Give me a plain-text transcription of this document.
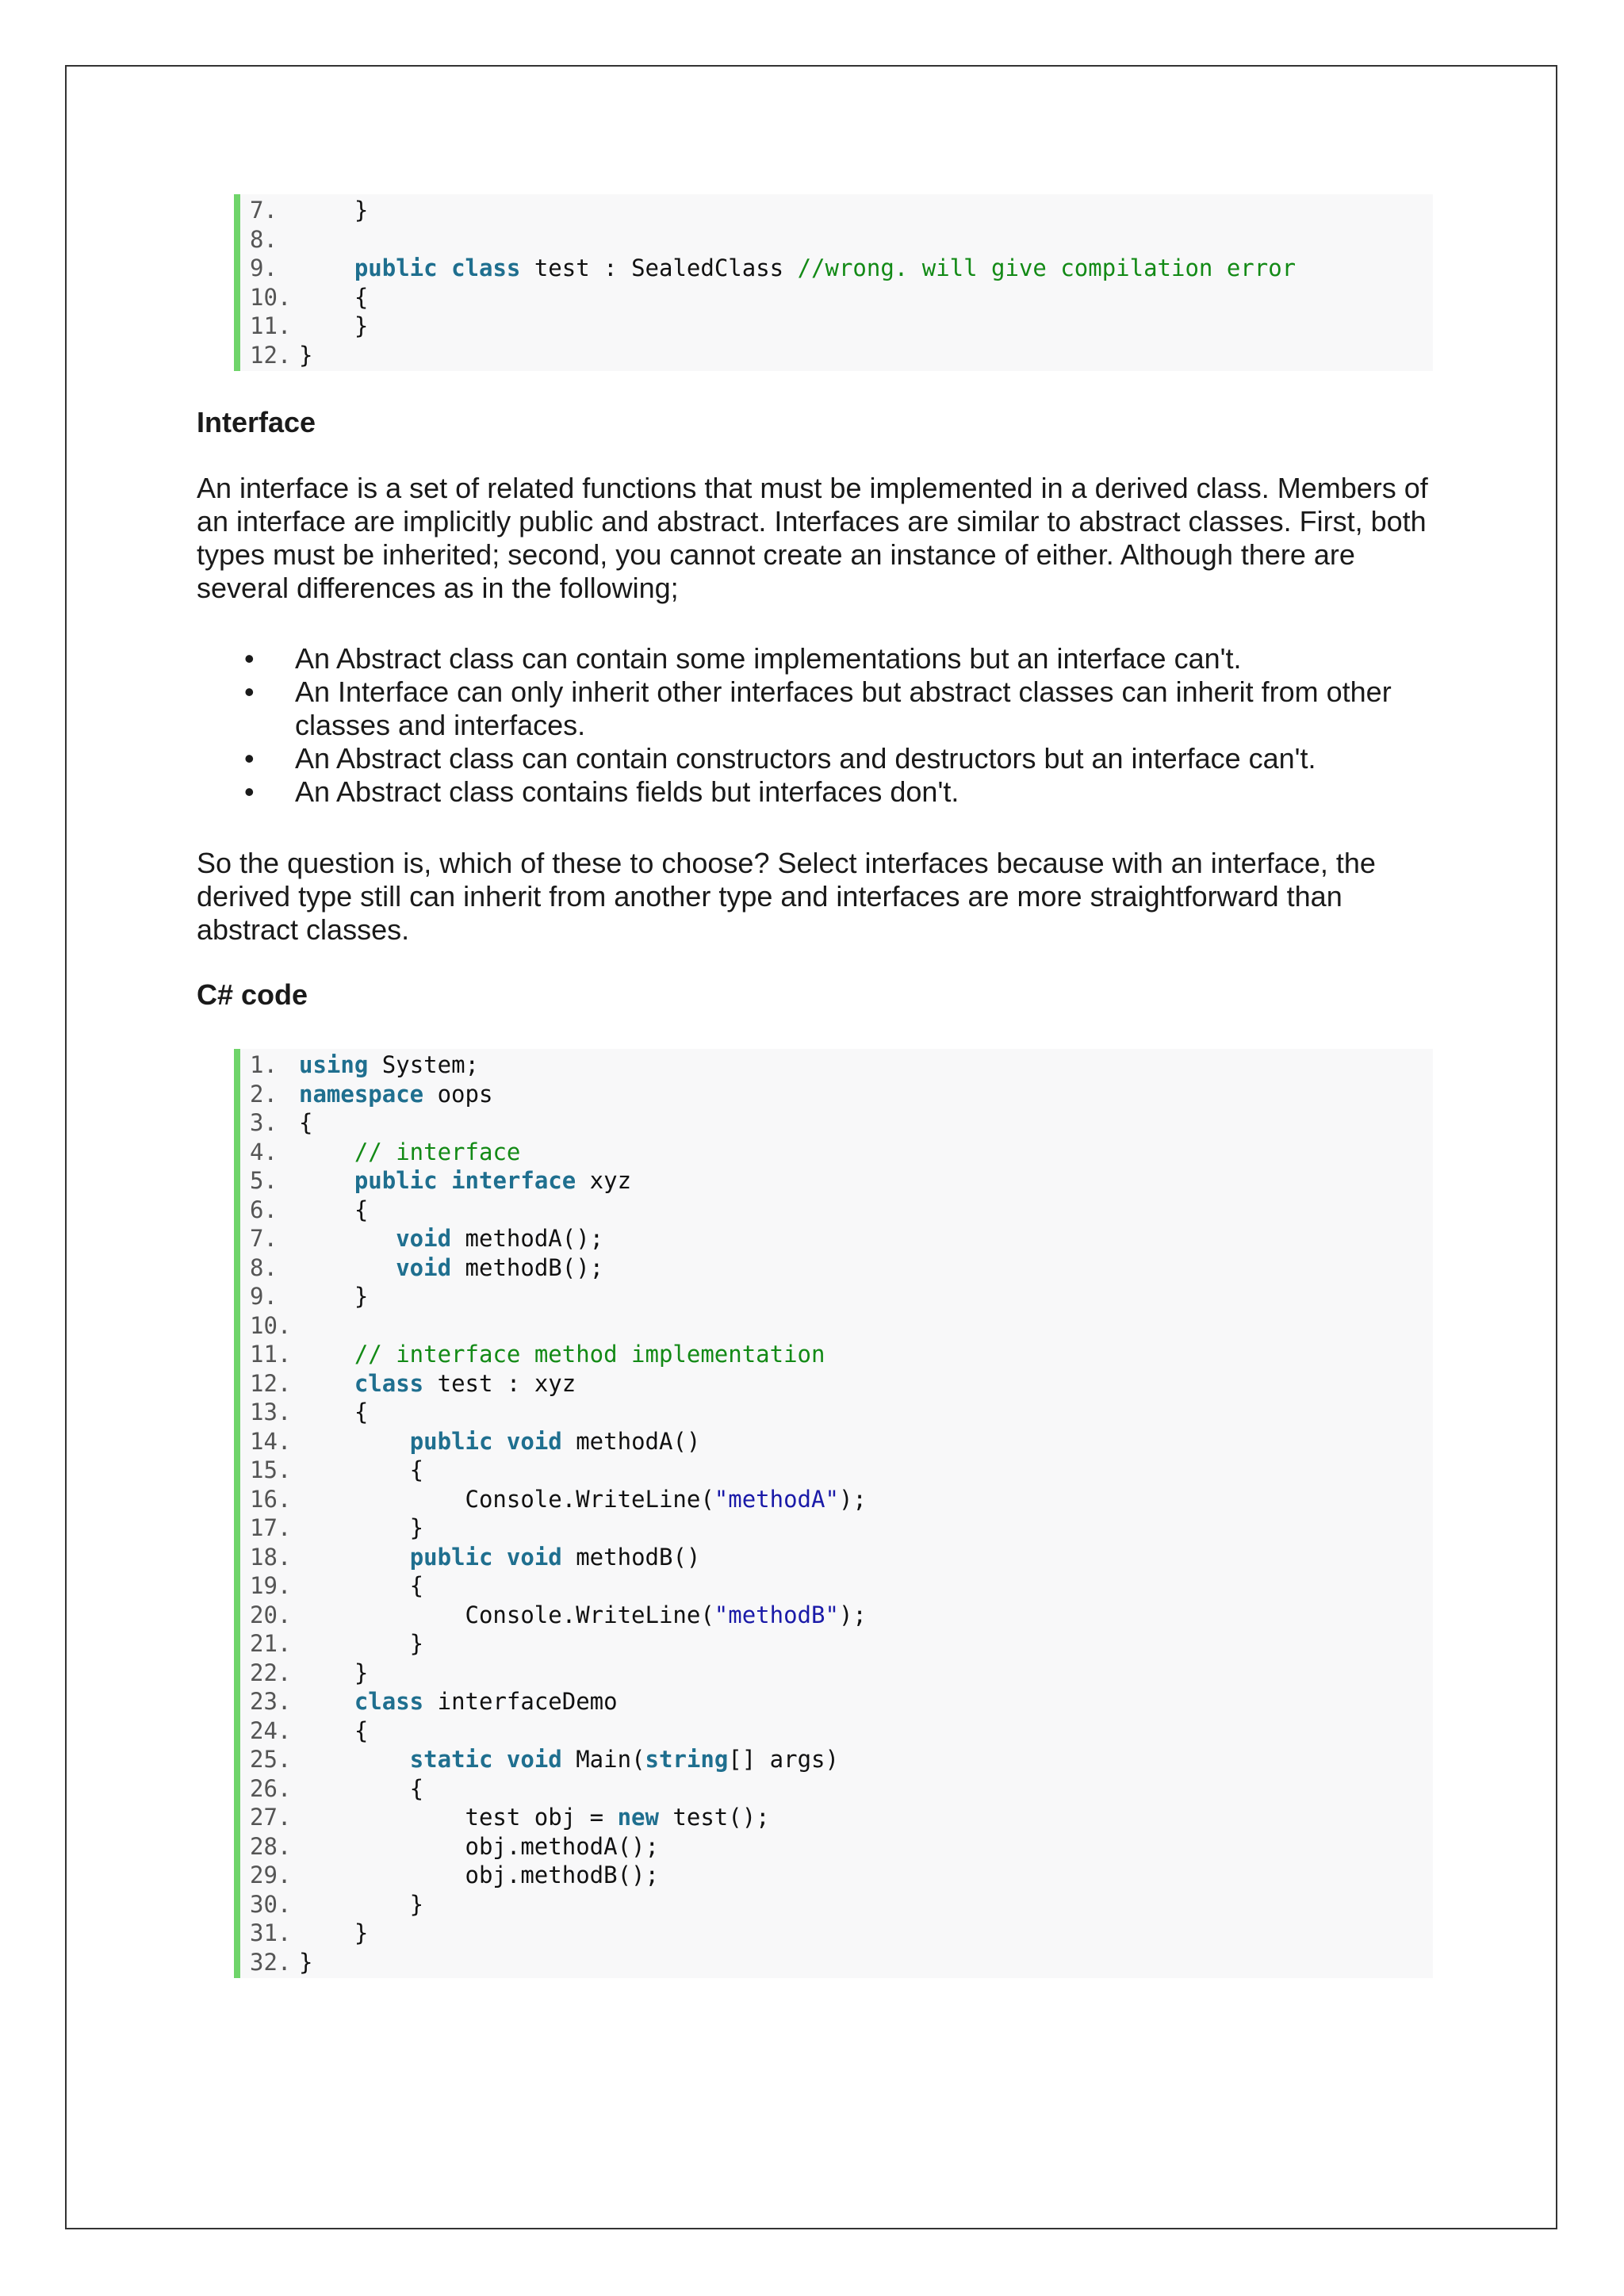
7.    }
8.
9.	public class test : SealedClass //wrong. will give compilation error
10.    {
11.    }
12. }
Interface

An interface is a set of related functions that must be implemented in a derived class. Members of an interface are implicitly public and abstract. Interfaces are similar to abstract classes. First, both types must be inherited; second, you cannot create an instance of either. Although there are several differences as in the following;

• An Abstract class can contain some implementations but an interface can't.
• An Interface can only inherit other interfaces but abstract classes can inherit from other classes and interfaces.
• An Abstract class can contain constructors and destructors but an interface can't.
• An Abstract class contains fields but interfaces don't.

So the question is, which of these to choose? Select interfaces because with an interface, the derived type still can inherit from another type and interfaces are more straightforward than abstract classes.

C# code
1. using System;
2. namespace oops
3. {
4.	// interface
5.	public interface xyz
6.    {
7.	void methodA();
8.	void methodB();
9.    }
10.
11.	// interface method implementation
12.	class test : xyz
13.    {
14.	public void methodA()
15.        {
16.            Console.WriteLine("methodA");
17.        }
18.	public void methodB()
19.        {
20.            Console.WriteLine("methodB");
21.        }
22.    }
23.	class interfaceDemo
24.    {
25.	static void Main(string[] args)
26.        {
27.            test obj = new test();
28.            obj.methodA();
29.            obj.methodB();
30.        }
31.    }
32. }
